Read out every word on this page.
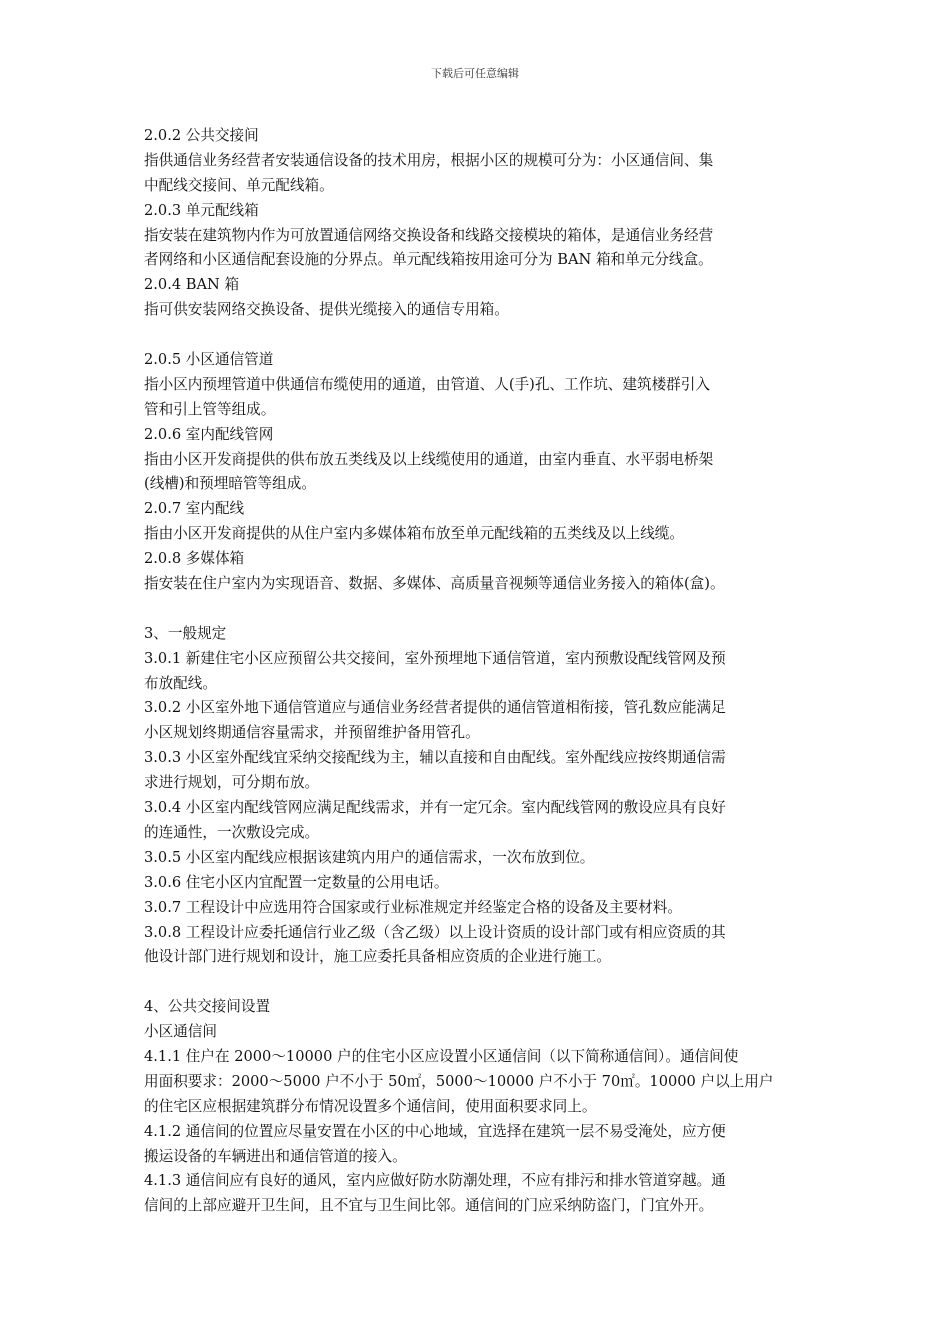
下载后可任意编辑
2.0.2 公共交接间
指供通信业务经营者安装通信设备的技术用房，根据小区的规模可分为：小区通信间、集
中配线交接间、单元配线箱。
2.0.3 单元配线箱
指安装在建筑物内作为可放置通信网络交换设备和线路交接模块的箱体，是通信业务经营
者网络和小区通信配套设施的分界点。单元配线箱按用途可分为 BAN 箱和单元分线盒。
2.0.4 BAN 箱
指可供安装网络交换设备、提供光缆接入的通信专用箱。
2.0.5 小区通信管道
指小区内预埋管道中供通信布缆使用的通道，由管道、人(手)孔、工作坑、建筑楼群引入
管和引上管等组成。
2.0.6 室内配线管网
指由小区开发商提供的供布放五类线及以上线缆使用的通道，由室内垂直、水平弱电桥架
(线槽)和预埋暗管等组成。
2.0.7 室内配线
指由小区开发商提供的从住户室内多媒体箱布放至单元配线箱的五类线及以上线缆。
2.0.8 多媒体箱
指安装在住户室内为实现语音、数据、多媒体、高质量音视频等通信业务接入的箱体(盒)。
3、一般规定
3.0.1 新建住宅小区应预留公共交接间，室外预埋地下通信管道，室内预敷设配线管网及预
布放配线。
3.0.2 小区室外地下通信管道应与通信业务经营者提供的通信管道相衔接，管孔数应能满足
小区规划终期通信容量需求，并预留维护备用管孔。
3.0.3 小区室外配线宜采纳交接配线为主，辅以直接和自由配线。室外配线应按终期通信需
求进行规划，可分期布放。
3.0.4 小区室内配线管网应满足配线需求，并有一定冗余。室内配线管网的敷设应具有良好
的连通性，一次敷设完成。
3.0.5 小区室内配线应根据该建筑内用户的通信需求，一次布放到位。
3.0.6 住宅小区内宜配置一定数量的公用电话。
3.0.7 工程设计中应选用符合国家或行业标准规定并经鉴定合格的设备及主要材料。
3.0.8 工程设计应委托通信行业乙级（含乙级）以上设计资质的设计部门或有相应资质的其
他设计部门进行规划和设计，施工应委托具备相应资质的企业进行施工。
4、公共交接间设置
小区通信间
4.1.1 住户在 2000～10000 户的住宅小区应设置小区通信间（以下简称通信间）。通信间使
用面积要求：2000～5000 户不小于 50㎡，5000～10000 户不小于 70㎡。10000 户以上用户
的住宅区应根据建筑群分布情况设置多个通信间，使用面积要求同上。
4.1.2 通信间的位置应尽量安置在小区的中心地域，宜选择在建筑一层不易受淹处，应方便
搬运设备的车辆进出和通信管道的接入。
4.1.3 通信间应有良好的通风，室内应做好防水防潮处理，不应有排污和排水管道穿越。通
信间的上部应避开卫生间，且不宜与卫生间比邻。通信间的门应采纳防盗门，门宜外开。
